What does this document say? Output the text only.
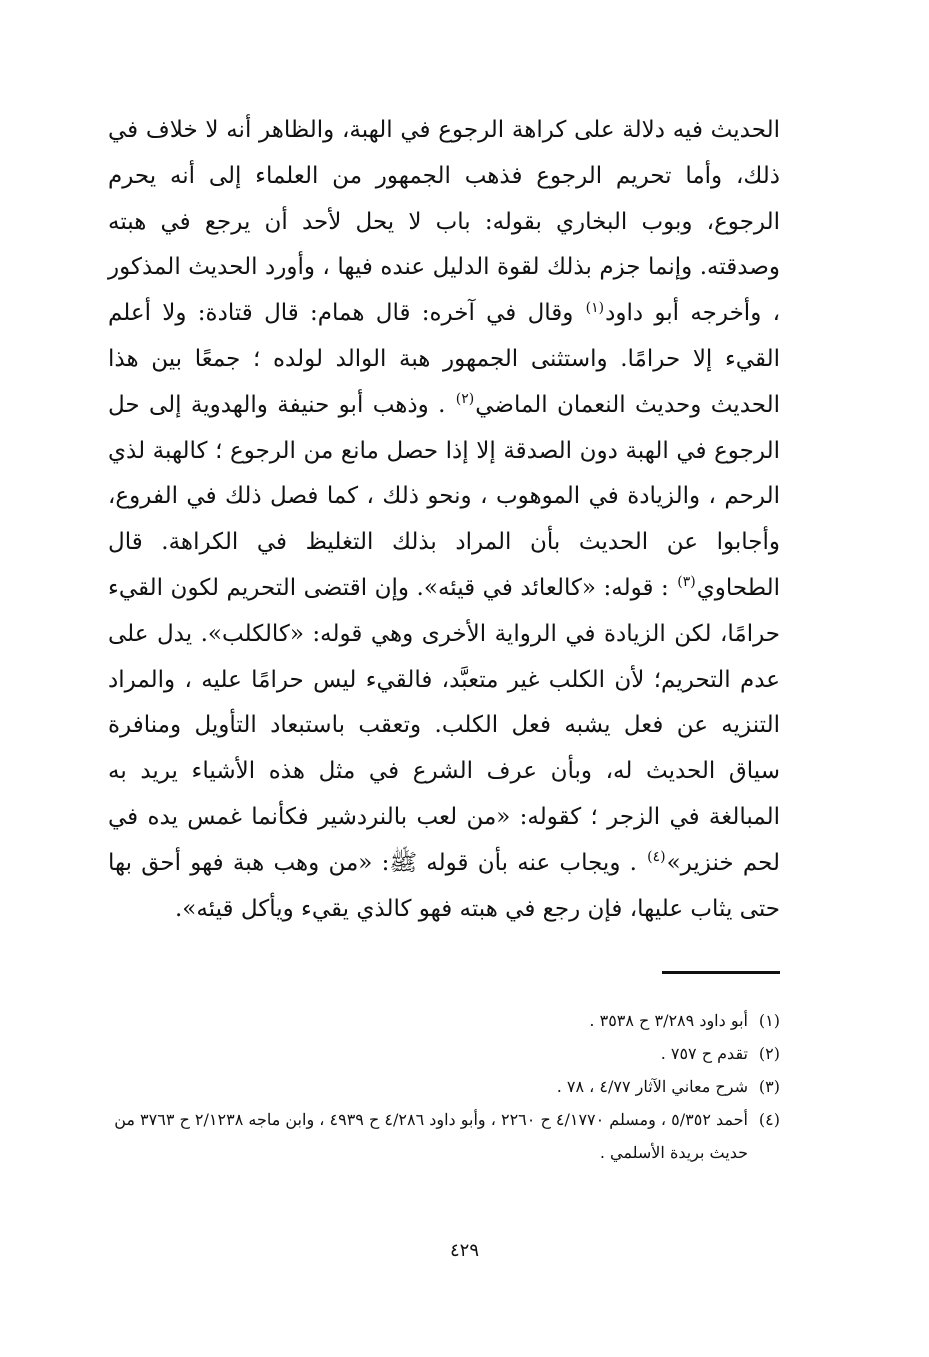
الحديث فيه دلالة على كراهة الرجوع في الهبة، والظاهر أنه لا خلاف في ذلك، وأما تحريم الرجوع فذهب الجمهور من العلماء إلى أنه يحرم الرجوع، وبوب البخاري بقوله: باب لا يحل لأحد أن يرجع في هبته وصدقته. وإنما جزم بذلك لقوة الدليل عنده فيها ، وأورد الحديث المذكور ، وأخرجه أبو داود$^{(١)}$ وقال في آخره: قال همام: قال قتادة: ولا أعلم القيء إلا حرامًا. واستثنى الجمهور هبة الوالد لولده ؛ جمعًا بين هذا الحديث وحديث النعمان الماضي$^{(٢)}$ . وذهب أبو حنيفة والهدوية إلى حل الرجوع في الهبة دون الصدقة إلا إذا حصل مانع من الرجوع ؛ كالهبة لذي الرحم ، والزيادة في الموهوب ، ونحو ذلك ، كما فصل ذلك في الفروع، وأجابوا عن الحديث بأن المراد بذلك التغليظ في الكراهة. قال الطحاوي$^{(٣)}$ : قوله: «كالعائد في قيئه». وإن اقتضى التحريم لكون القيء حرامًا، لكن الزيادة في الرواية الأخرى وهي قوله: «كالكلب». يدل على عدم التحريم؛ لأن الكلب غير متعبَّد، فالقيء ليس حرامًا عليه ، والمراد التنزيه عن فعل يشبه فعل الكلب. وتعقب باستبعاد التأويل ومنافرة سياق الحديث له، وبأن عرف الشرع في مثل هذه الأشياء يريد به المبالغة في الزجر ؛ كقوله: «من لعب بالنردشير فكأنما غمس يده في لحم خنزير»$^{(٤)}$ . ويجاب عنه بأن قوله ﷺ: «من وهب هبة فهو أحق بها حتى يثاب عليها، فإن رجع في هبته فهو كالذي يقيء ويأكل قيئه».

(١)
أبو داود ٣/٢٨٩ ح ٣٥٣٨ .
(٢)
تقدم ح ٧٥٧ .
(٣)
شرح معاني الآثار ٤/٧٧ ، ٧٨ .
(٤)
أحمد ٥/٣٥٢ ، ومسلم ٤/١٧٧٠ ح ٢٢٦٠ ، وأبو داود ٤/٢٨٦ ح ٤٩٣٩ ، وابن ماجه ٢/١٢٣٨ ح ٣٧٦٣ من حديث بريدة الأسلمي .
٤٢٩
